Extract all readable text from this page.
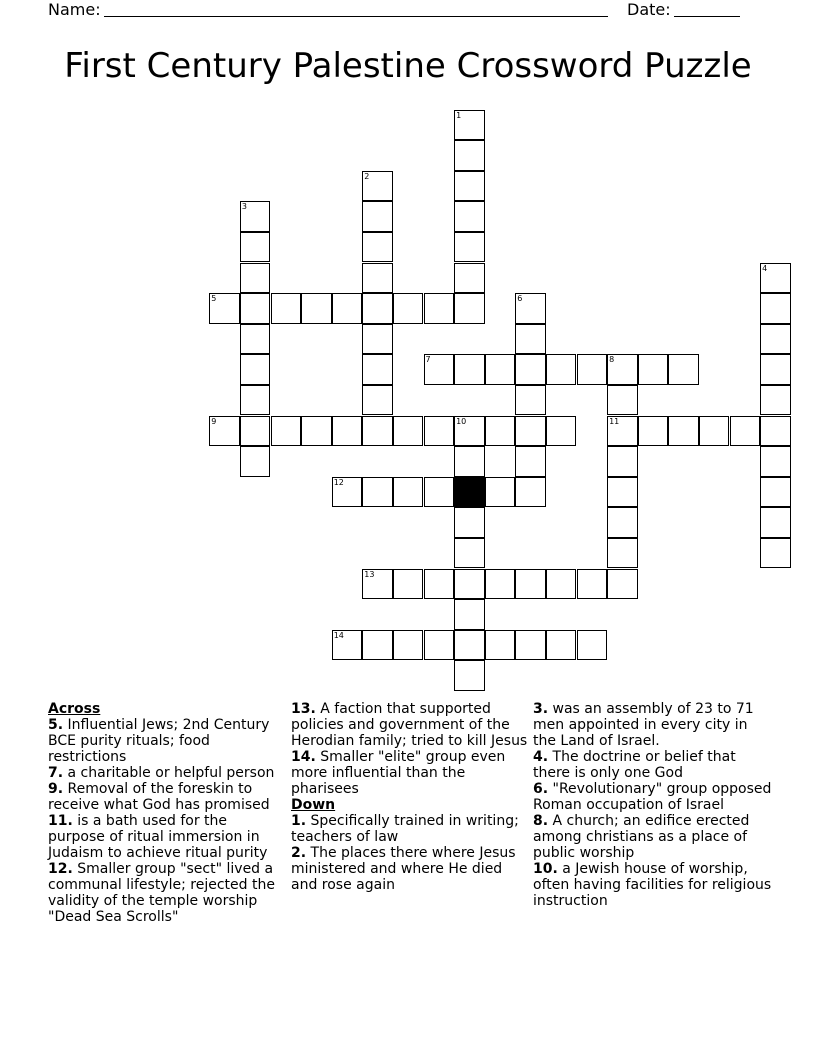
Name:	Date:
First Century Palestine Crossword Puzzle
1
2
3
4
5	6
7	8
11
9	10
12
13
14
Across
5. Influential Jews; 2nd Century BCE purity rituals; food restrictions
7. a charitable or helpful person
9. Removal of the foreskin to receive what God has promised
11. is a bath used for the purpose of ritual immersion in Judaism to achieve ritual purity
12. Smaller group "sect" lived a communal lifestyle; rejected the validity of the temple worship "Dead Sea Scrolls"
13. A faction that supported policies and government of the Herodian family; tried to kill Jesus
14. Smaller "elite" group even more influential than the pharisees
Down
1. Specifically trained in writing; teachers of law
2. The places there where Jesus ministered and where He died and rose again
3. was an assembly of 23 to 71 men appointed in every city in the Land of Israel.
4. The doctrine or belief that there is only one God
6. "Revolutionary" group opposed Roman occupation of Israel
8. A church; an edifice erected among christians as a place of public worship
10. a Jewish house of worship, often having facilities for religious instruction
